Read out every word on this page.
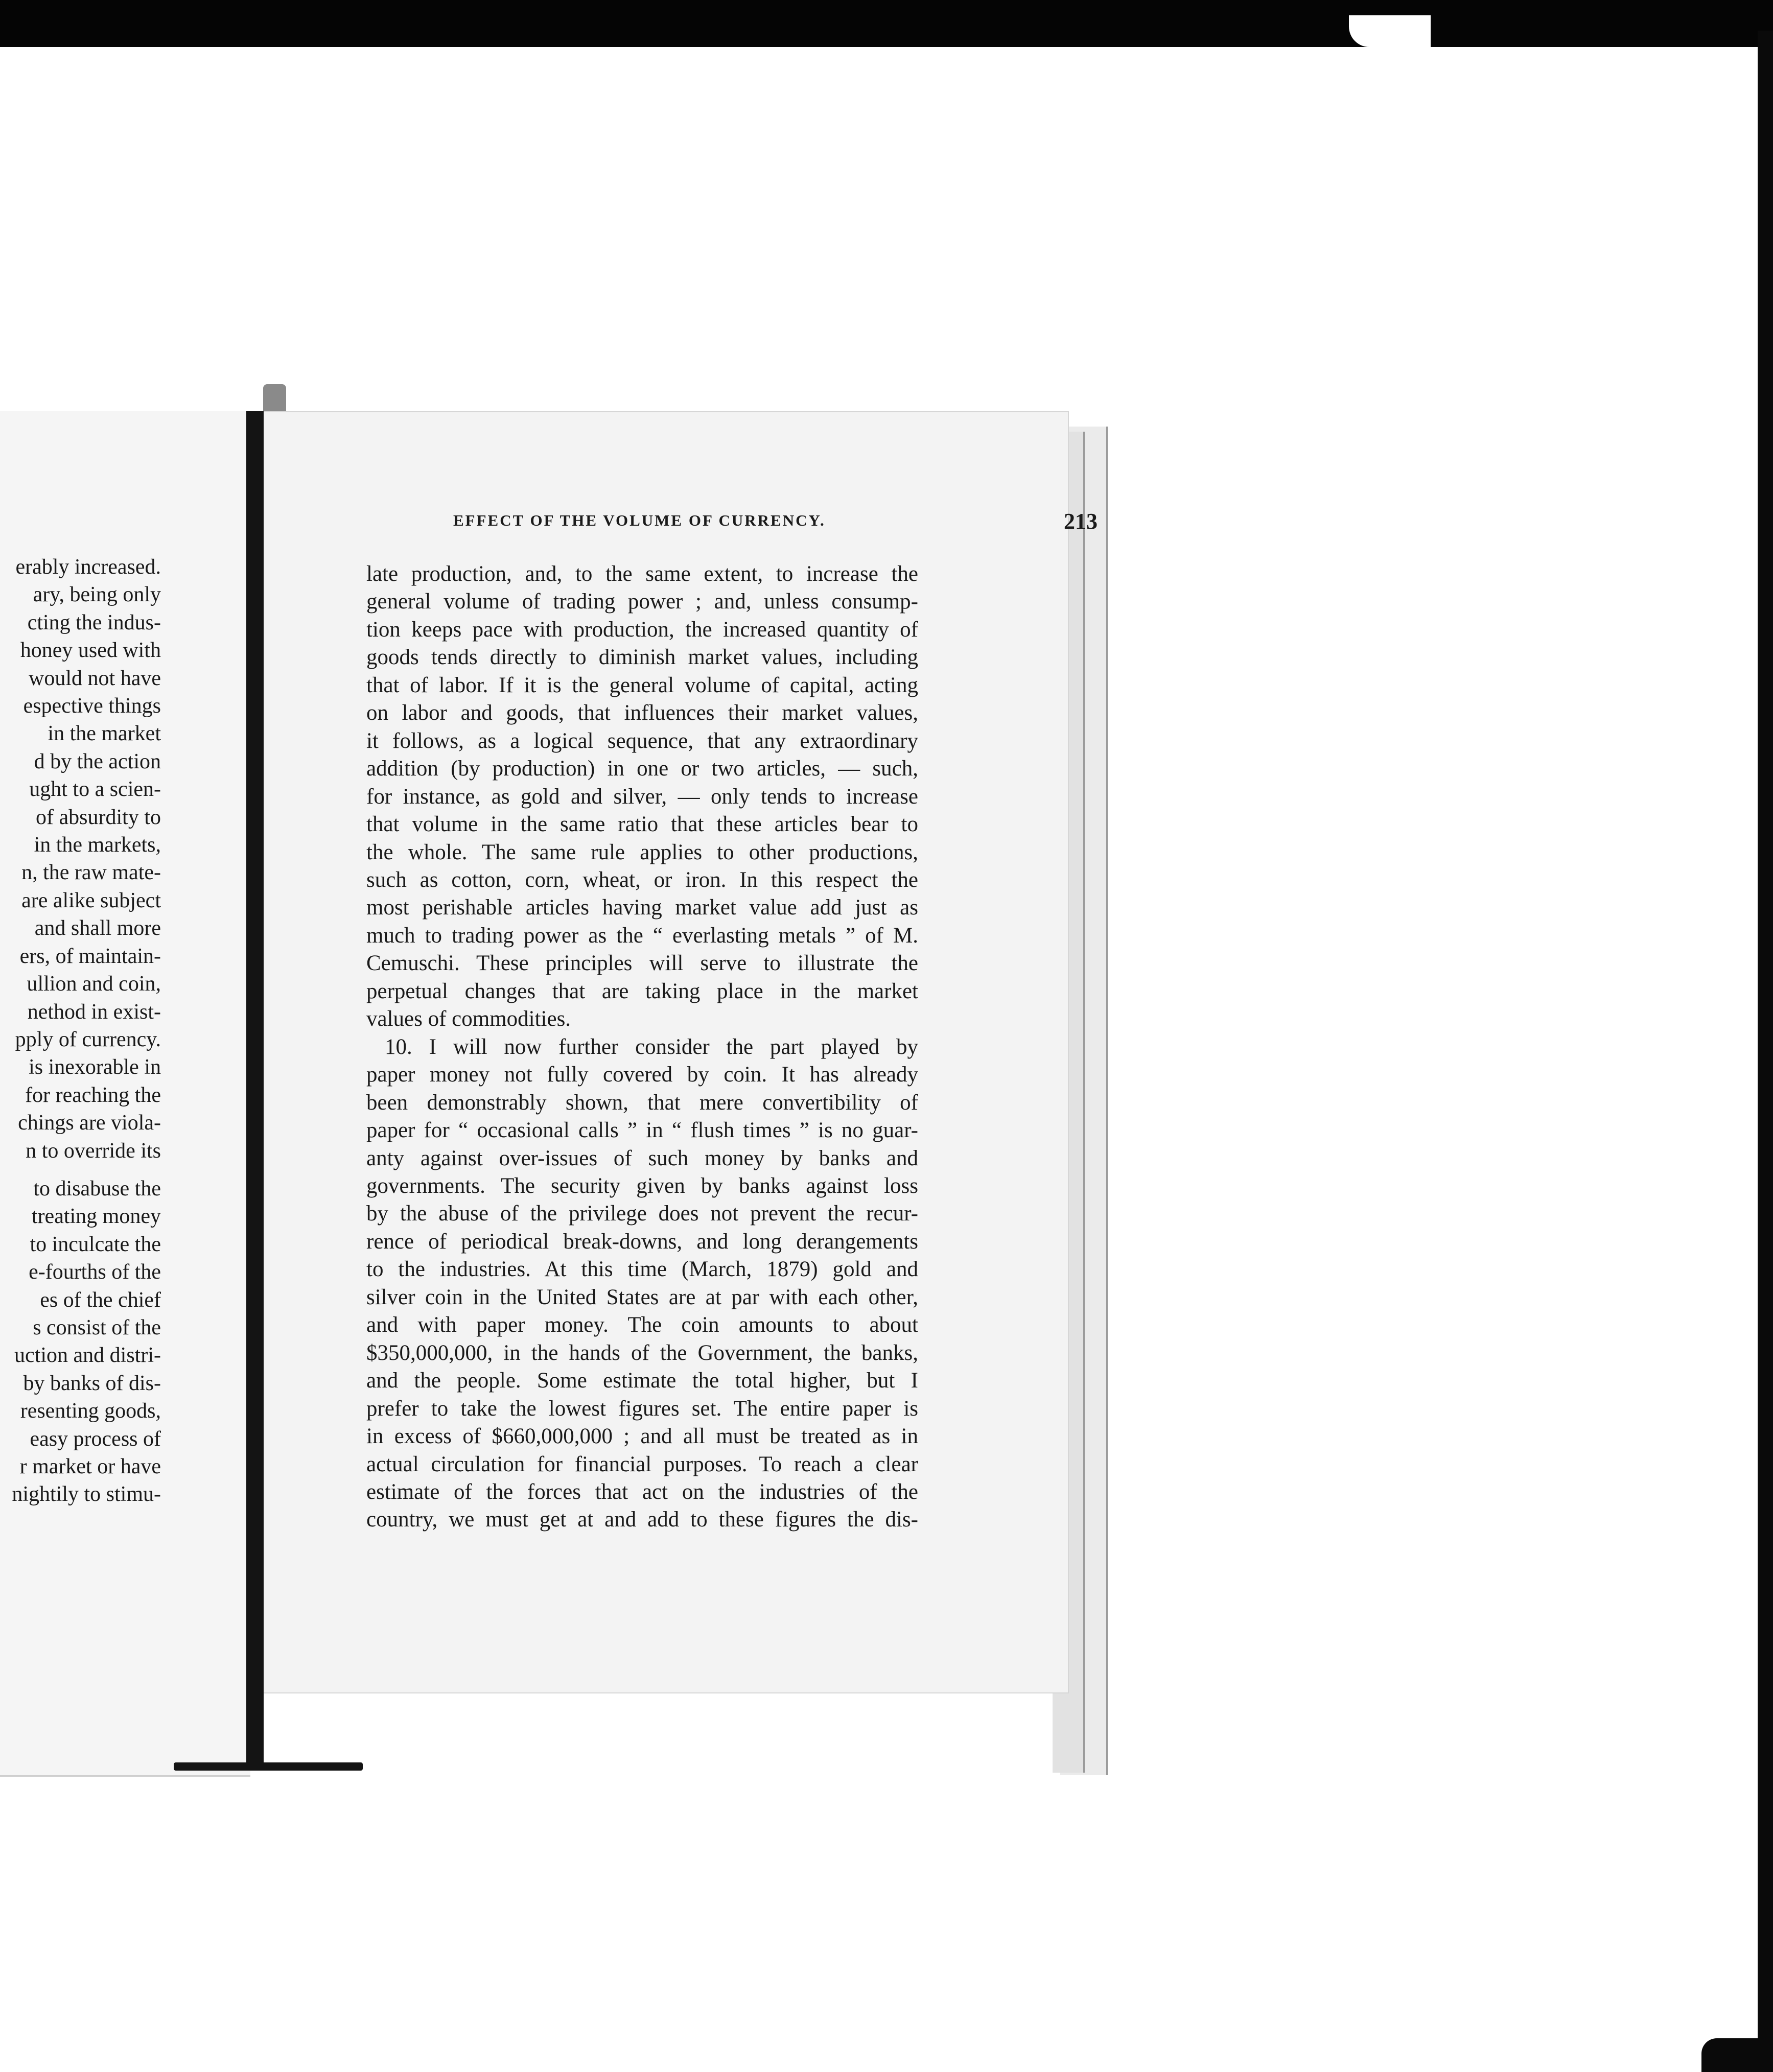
erably increased.
ary, being only
cting the indus-
honey used with
would not have
espective things
in the market
d by the action
ught to a scien-
of absurdity to
in the markets,
n, the raw mate-
are alike subject
and shall more
ers, of maintain-
ullion and coin,
nethod in exist-
pply of currency.
is inexorable in
for reaching the
chings are viola-
n to override its
to disabuse the
treating money
to inculcate the
e-fourths of the
es of the chief
s consist of the
uction and distri-
by banks of dis-
resenting goods,
easy process of
r market or have
nightily to stimu-
EFFECT OF THE VOLUME OF CURRENCY.	213
late production, and, to the same extent, to increase the
general volume of trading power ; and, unless consump-
tion keeps pace with production, the increased quantity of
goods tends directly to diminish market values, including
that of labor. If it is the general volume of capital, acting
on labor and goods, that influences their market values,
it follows, as a logical sequence, that any extraordinary
addition (by production) in one or two articles, — such,
for instance, as gold and silver, — only tends to increase
that volume in the same ratio that these articles bear to
the whole. The same rule applies to other productions,
such as cotton, corn, wheat, or iron. In this respect the
most perishable articles having market value add just as
much to trading power as the “ everlasting metals ” of M.
Cemuschi. These principles will serve to illustrate the
perpetual changes that are taking place in the market
values of commodities.
10. I will now further consider the part played by
paper money not fully covered by coin. It has already
been demonstrably shown, that mere convertibility of
paper for “ occasional calls ” in “ flush times ” is no guar-
anty against over-issues of such money by banks and
governments. The security given by banks against loss
by the abuse of the privilege does not prevent the recur-
rence of periodical break-downs, and long derangements
to the industries. At this time (March, 1879) gold and
silver coin in the United States are at par with each other,
and with paper money. The coin amounts to about
$350,000,000, in the hands of the Government, the banks,
and the people. Some estimate the total higher, but I
prefer to take the lowest figures set. The entire paper is
in excess of $660,000,000 ; and all must be treated as in
actual circulation for financial purposes. To reach a clear
estimate of the forces that act on the industries of the
country, we must get at and add to these figures the dis-
